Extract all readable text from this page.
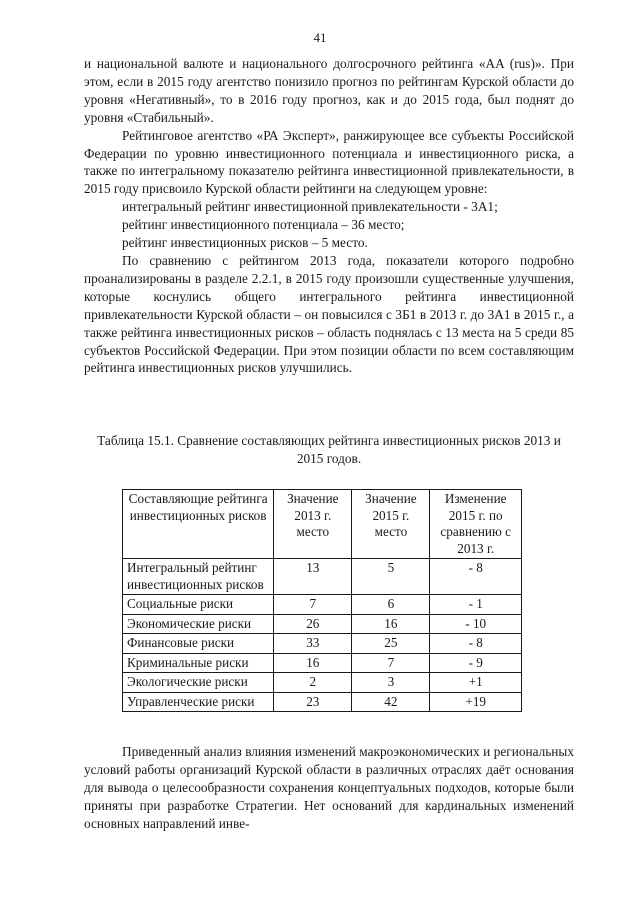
41

и национальной валюте и национального долгосрочного рейтинга «AA (rus)». При этом, если в 2015 году агентство понизило прогноз по рейтингам Курской области до уровня «Негативный», то в 2016 году прогноз, как и до 2015 года, был поднят до уровня «Стабильный».

Рейтинговое агентство «РА Эксперт», ранжирующее все субъекты Российской Федерации по уровню инвестиционного потенциала и инвестиционного риска, а также по интегральному показателю рейтинга инвестиционной привлекательности, в 2015 году присвоило Курской области рейтинги на следующем уровне:

интегральный рейтинг инвестиционной привлекательности - 3А1;

рейтинг инвестиционного потенциала – 36 место;

рейтинг инвестиционных рисков – 5 место.

По сравнению с рейтингом 2013 года, показатели которого подробно проанализированы в разделе 2.2.1, в 2015 году произошли существенные улучшения, которые коснулись общего интегрального рейтинга инвестиционной привлекательности Курской области – он повысился с 3Б1 в 2013 г. до 3А1 в 2015 г., а также рейтинга инвестиционных рисков – область поднялась с 13 места на 5 среди 85 субъектов Российской Федерации. При этом позиции области по всем составляющим рейтинга инвестиционных рисков улучшились.

Таблица 15.1. Сравнение составляющих рейтинга инвестиционных рисков 2013 и 2015 годов.
Составляющие рейтинга инвестиционных рисков	Значение 2013 г. место	Значение 2015 г. место	Изменение 2015 г. по сравнению с 2013 г.
Интегральный рейтинг инвестиционных рисков	13	5	- 8
Социальные риски	7	6	- 1
Экономические риски	26	16	- 10
Финансовые риски	33	25	- 8
Криминальные риски	16	7	- 9
Экологические риски	2	3	+1
Управленческие риски	23	42	+19

Приведенный анализ влияния изменений макроэкономических и региональных условий работы организаций Курской области в различных отраслях даёт основания для вывода о целесообразности сохранения концептуальных подходов, которые были приняты при разработке Стратегии. Нет оснований для кардинальных изменений основных направлений инве-
